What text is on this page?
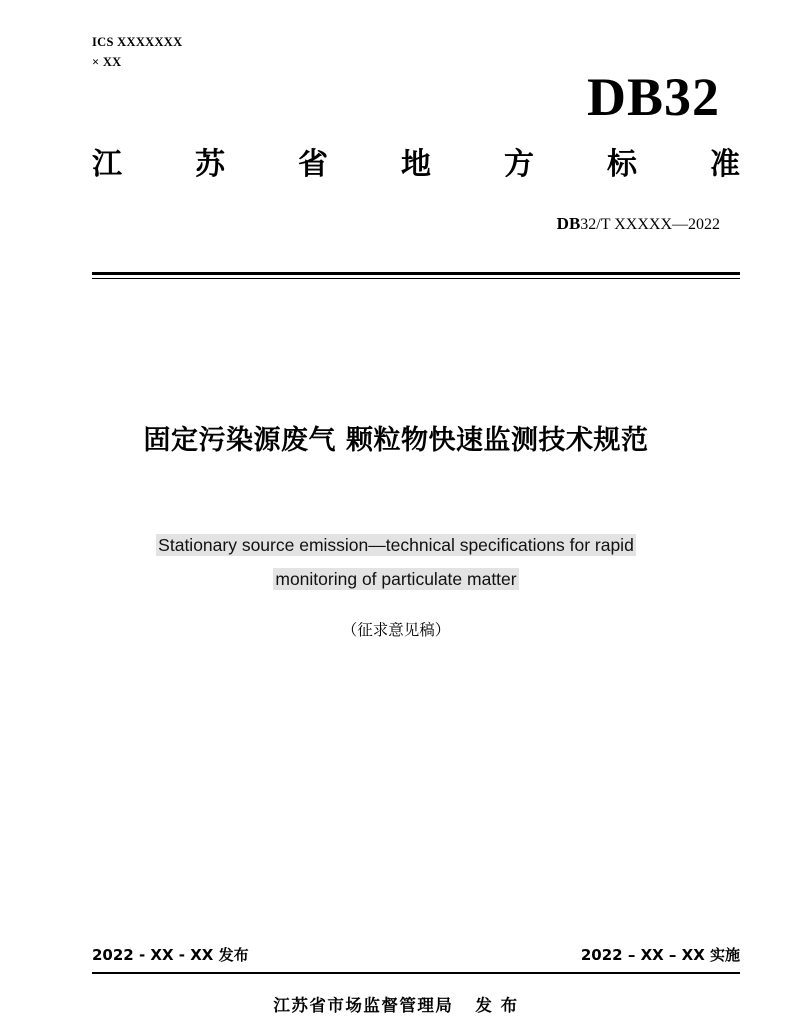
ICS XXXXXXX
× XX
DB32
江 苏 省 地 方 标 准
DB32/T XXXXX—2022
固定污染源废气 颗粒物快速监测技术规范
Stationary source emission—technical specifications for rapid
monitoring of particulate matter
（征求意见稿）
2022 - XX - XX 发布	2022 – XX – XX 实施
江苏省市场监督管理局 发 布
